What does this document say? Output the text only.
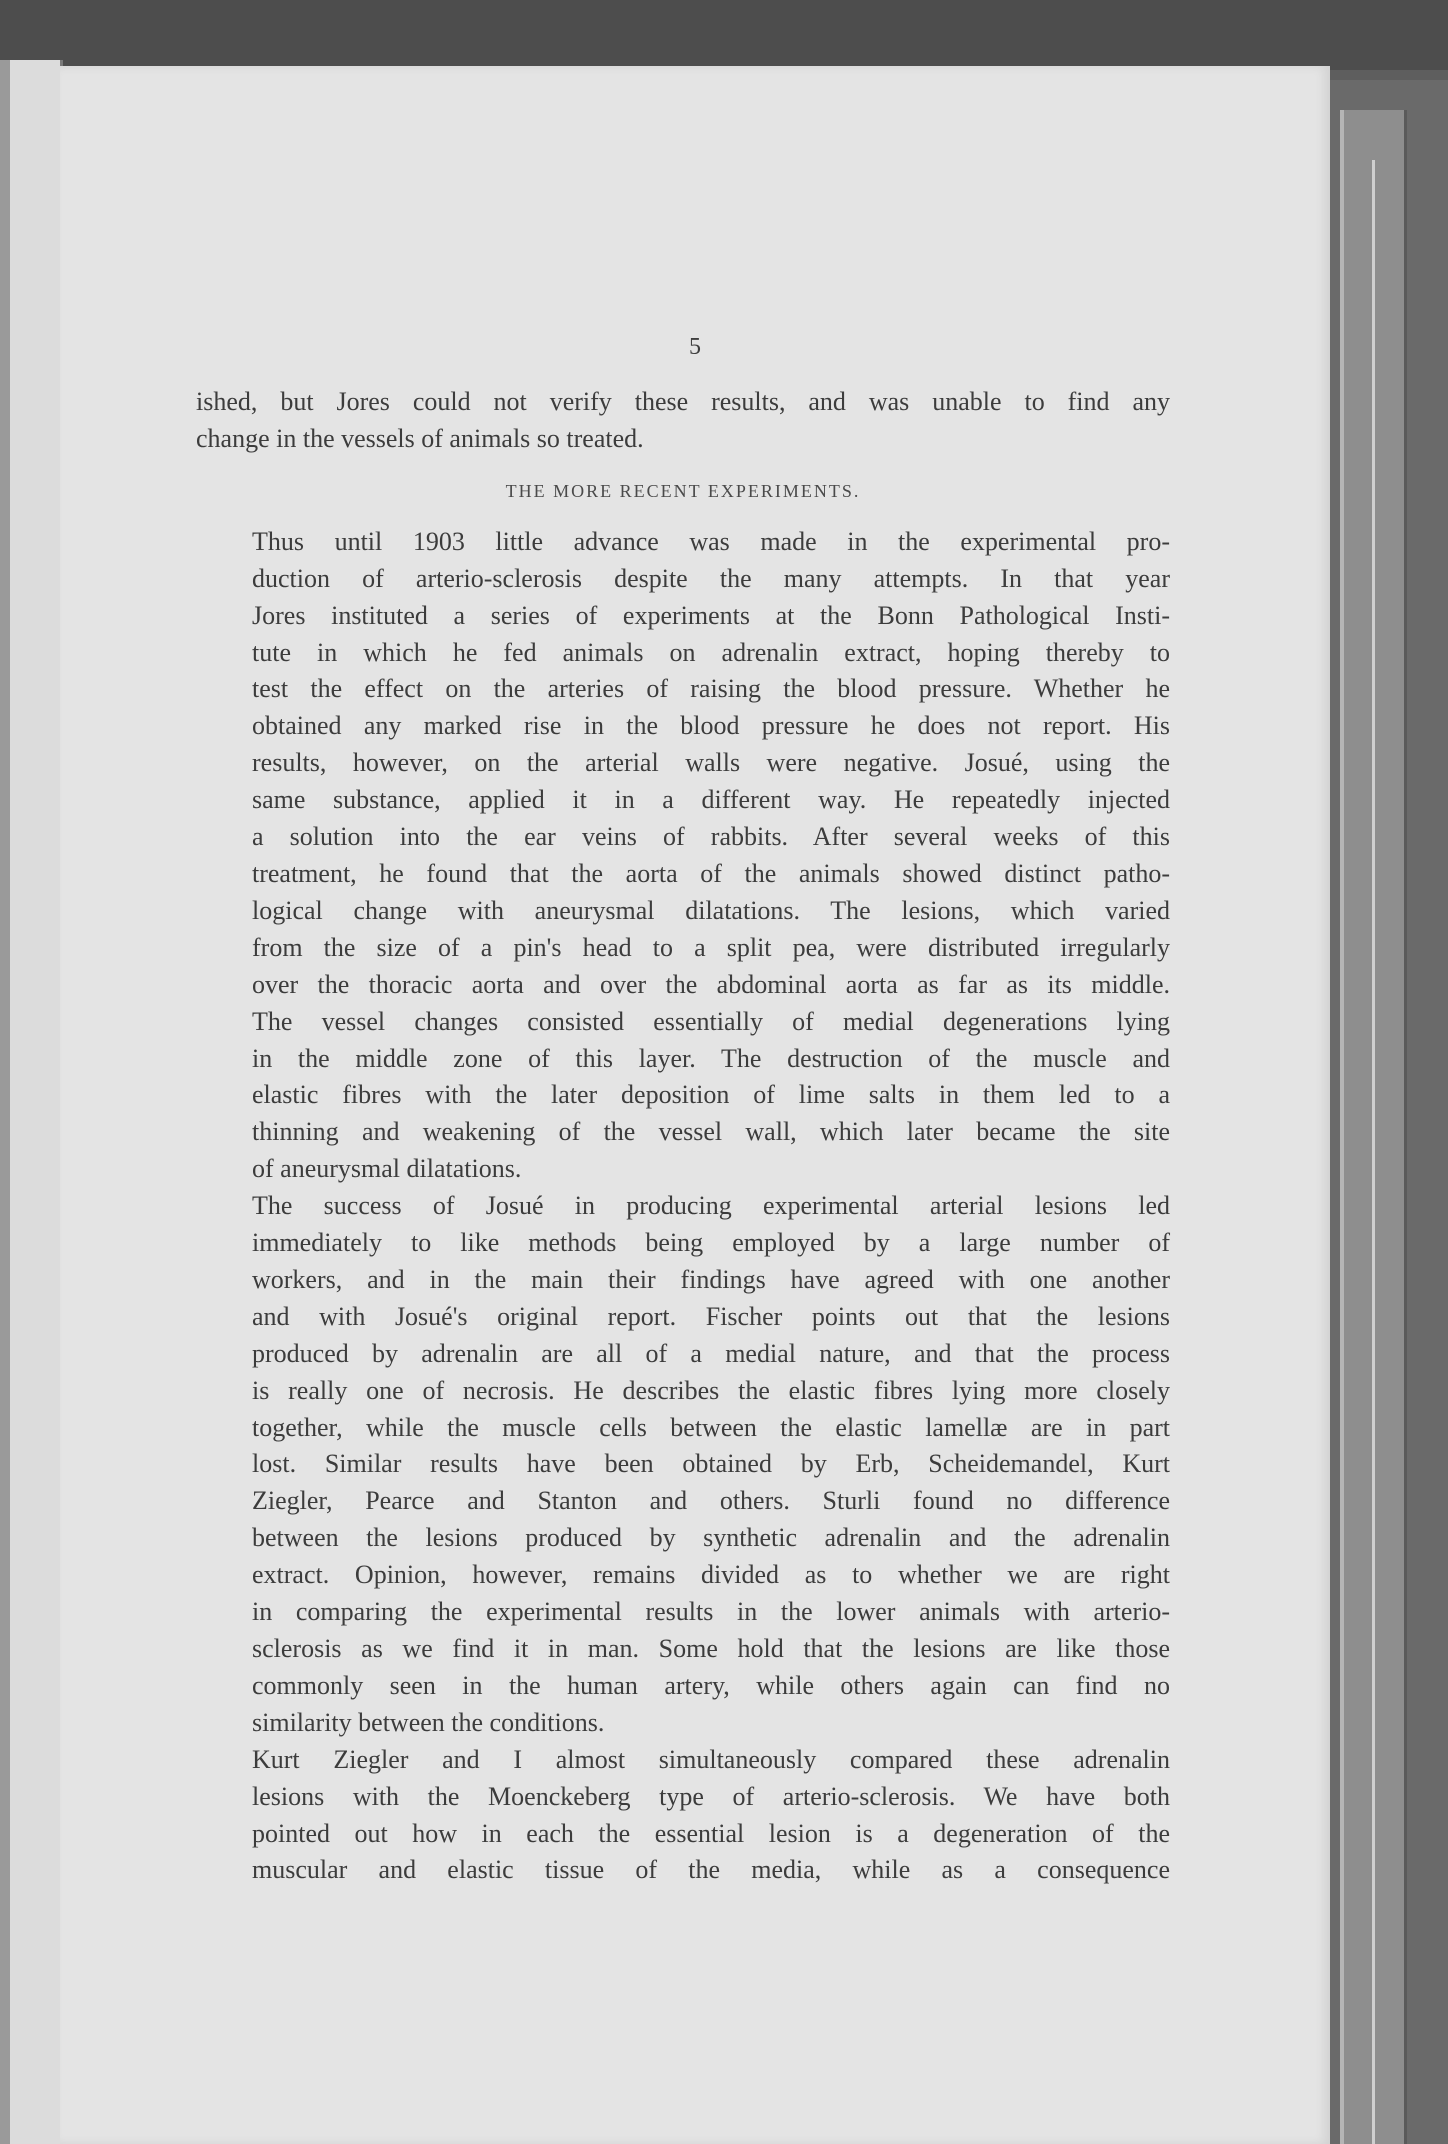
5

ished, but Jores could not verify these results, and was unable to find any
change in the vessels of animals so treated.

THE MORE RECENT EXPERIMENTS.

Thus until 1903 little advance was made in the experimental pro-
duction of arterio-sclerosis despite the many attempts. In that year
Jores instituted a series of experiments at the Bonn Pathological Insti-
tute in which he fed animals on adrenalin extract, hoping thereby to
test the effect on the arteries of raising the blood pressure. Whether he
obtained any marked rise in the blood pressure he does not report. His
results, however, on the arterial walls were negative. Josué, using the
same substance, applied it in a different way. He repeatedly injected
a solution into the ear veins of rabbits. After several weeks of this
treatment, he found that the aorta of the animals showed distinct patho-
logical change with aneurysmal dilatations. The lesions, which varied
from the size of a pin's head to a split pea, were distributed irregularly
over the thoracic aorta and over the abdominal aorta as far as its middle.
The vessel changes consisted essentially of medial degenerations lying
in the middle zone of this layer. The destruction of the muscle and
elastic fibres with the later deposition of lime salts in them led to a
thinning and weakening of the vessel wall, which later became the site
of aneurysmal dilatations.

The success of Josué in producing experimental arterial lesions led
immediately to like methods being employed by a large number of
workers, and in the main their findings have agreed with one another
and with Josué's original report. Fischer points out that the lesions
produced by adrenalin are all of a medial nature, and that the process
is really one of necrosis. He describes the elastic fibres lying more closely
together, while the muscle cells between the elastic lamellæ are in part
lost. Similar results have been obtained by Erb, Scheidemandel, Kurt
Ziegler, Pearce and Stanton and others. Sturli found no difference
between the lesions produced by synthetic adrenalin and the adrenalin
extract. Opinion, however, remains divided as to whether we are right
in comparing the experimental results in the lower animals with arterio-
sclerosis as we find it in man. Some hold that the lesions are like those
commonly seen in the human artery, while others again can find no
similarity between the conditions.

Kurt Ziegler and I almost simultaneously compared these adrenalin
lesions with the Moenckeberg type of arterio-sclerosis. We have both
pointed out how in each the essential lesion is a degeneration of the
muscular and elastic tissue of the media, while as a consequence
